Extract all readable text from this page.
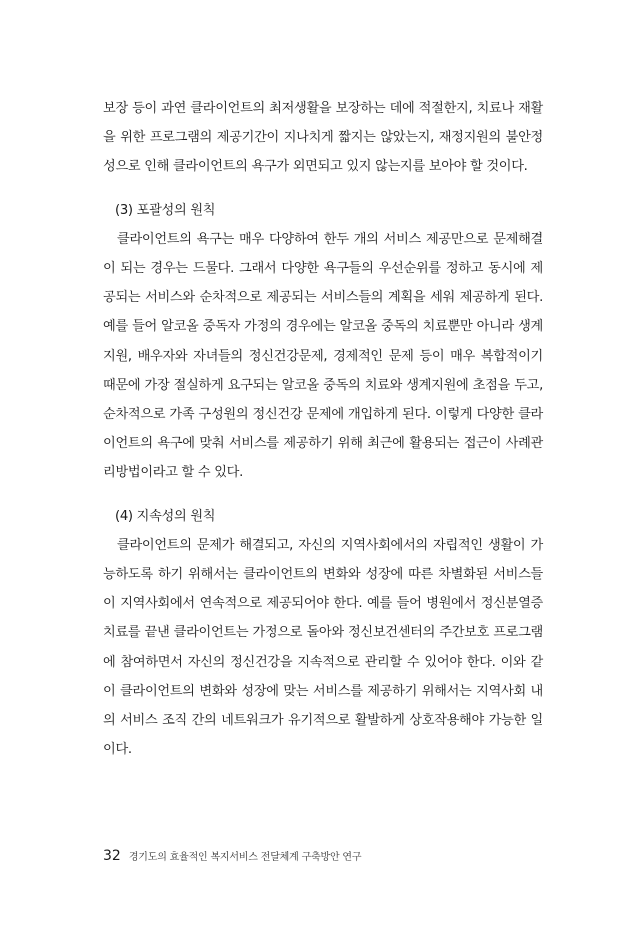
보장 등이 과연 클라이언트의 최저생활을 보장하는 데에 적절한지, 치료나 재활을 위한 프로그램의 제공기간이 지나치게 짧지는 않았는지, 재정지원의 불안정성으로 인해 클라이언트의 욕구가 외면되고 있지 않는지를 보아야 할 것이다.

(3) 포괄성의 원칙

클라이언트의 욕구는 매우 다양하여 한두 개의 서비스 제공만으로 문제해결이 되는 경우는 드물다. 그래서 다양한 욕구들의 우선순위를 정하고 동시에 제공되는 서비스와 순차적으로 제공되는 서비스들의 계획을 세워 제공하게 된다. 예를 들어 알코올 중독자 가정의 경우에는 알코올 중독의 치료뿐만 아니라 생계지원, 배우자와 자녀들의 정신건강문제, 경제적인 문제 등이 매우 복합적이기 때문에 가장 절실하게 요구되는 알코올 중독의 치료와 생계지원에 초점을 두고, 순차적으로 가족 구성원의 정신건강 문제에 개입하게 된다. 이렇게 다양한 클라이언트의 욕구에 맞춰 서비스를 제공하기 위해 최근에 활용되는 접근이 사례관리방법이라고 할 수 있다.

(4) 지속성의 원칙

클라이언트의 문제가 해결되고, 자신의 지역사회에서의 자립적인 생활이 가능하도록 하기 위해서는 클라이언트의 변화와 성장에 따른 차별화된 서비스들이 지역사회에서 연속적으로 제공되어야 한다. 예를 들어 병원에서 정신분열증 치료를 끝낸 클라이언트는 가정으로 돌아와 정신보건센터의 주간보호 프로그램에 참여하면서 자신의 정신건강을 지속적으로 관리할 수 있어야 한다. 이와 같이 클라이언트의 변화와 성장에 맞는 서비스를 제공하기 위해서는 지역사회 내의 서비스 조직 간의 네트워크가 유기적으로 활발하게 상호작용해야 가능한 일이다.

32 경기도의 효율적인 복지서비스 전달체계 구축방안 연구
